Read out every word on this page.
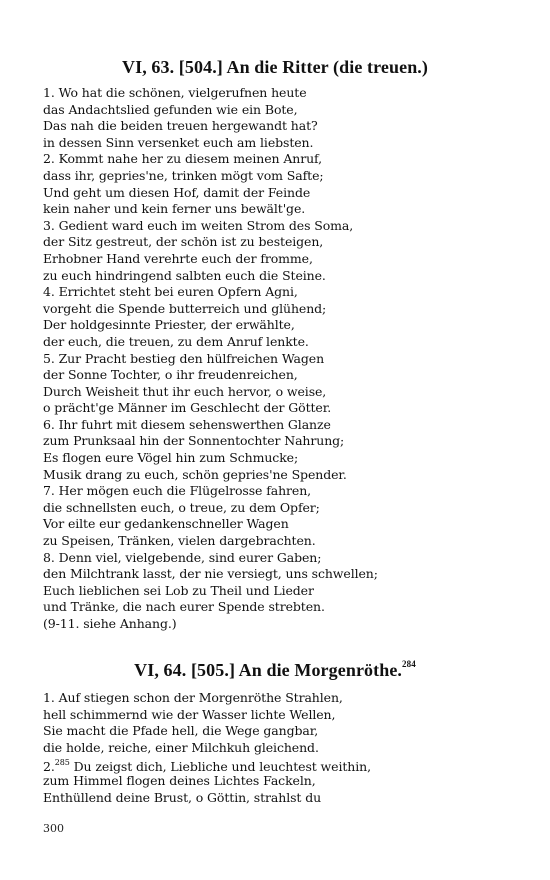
VI, 63. [504.] An die Ritter (die treuen.)
1. Wo hat die schönen, vielgerufnen heute
das Andachtslied gefunden wie ein Bote,
Das nah die beiden treuen hergewandt hat?
in dessen Sinn versenket euch am liebsten.
2. Kommt nahe her zu diesem meinen Anruf,
dass ihr, gepries'ne, trinken mögt vom Safte;
Und geht um diesen Hof, damit der Feinde
kein naher und kein ferner uns bewält'ge.
3. Gedient ward euch im weiten Strom des Soma,
der Sitz gestreut, der schön ist zu besteigen,
Erhobner Hand verehrte euch der fromme,
zu euch hindringend salbten euch die Steine.
4. Errichtet steht bei euren Opfern Agni,
vorgeht die Spende butterreich und glühend;
Der holdgesinnte Priester, der erwählte,
der euch, die treuen, zu dem Anruf lenkte.
5. Zur Pracht bestieg den hülfreichen Wagen
der Sonne Tochter, o ihr freudenreichen,
Durch Weisheit thut ihr euch hervor, o weise,
o prächt'ge Männer im Geschlecht der Götter.
6. Ihr fuhrt mit diesem sehenswerthen Glanze
zum Prunksaal hin der Sonnentochter Nahrung;
Es flogen eure Vögel hin zum Schmucke;
Musik drang zu euch, schön gepries'ne Spender.
7. Her mögen euch die Flügelrosse fahren,
die schnellsten euch, o treue, zu dem Opfer;
Vor eilte eur gedankenschneller Wagen
zu Speisen, Tränken, vielen dargebrachten.
8. Denn viel, vielgebende, sind eurer Gaben;
den Milchtrank lasst, der nie versiegt, uns schwellen;
Euch lieblichen sei Lob zu Theil und Lieder
und Tränke, die nach eurer Spende strebten.
(9-11. siehe Anhang.)
VI, 64. [505.] An die Morgenröthe.$^{284}$
1. Auf stiegen schon der Morgenröthe Strahlen,
hell schimmernd wie der Wasser lichte Wellen,
Sie macht die Pfade hell, die Wege gangbar,
die holde, reiche, einer Milchkuh gleichend.
2.$^{285}$ Du zeigst dich, Liebliche und leuchtest weithin,
zum Himmel flogen deines Lichtes Fackeln,
Enthüllend deine Brust, o Göttin, strahlst du
300
